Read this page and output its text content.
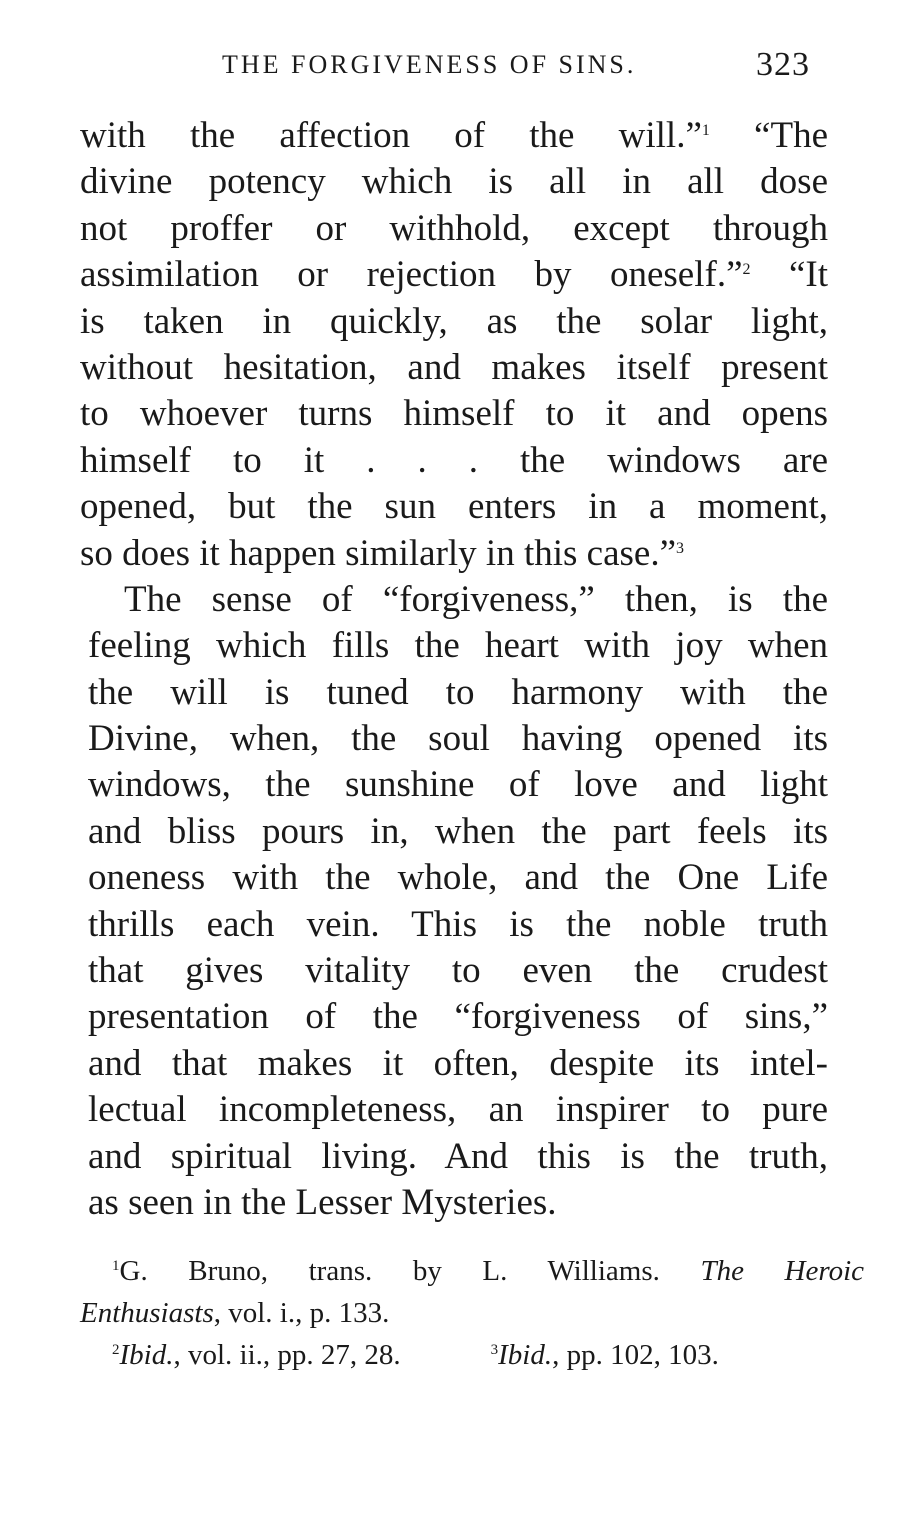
THE FORGIVENESS OF SINS.	323
with the affection of the will.”$^1$ “The
divine potency which is all in all dose
not proffer or withhold, except through
assimilation or rejection by oneself.”$^2$ “It
is taken in quickly, as the solar light,
without hesitation, and makes itself present
to whoever turns himself to it and opens
himself to it . . . the windows are
opened, but the sun enters in a moment,
so does it happen similarly in this case.”$^3$
The sense of “forgiveness,” then, is the
feeling which fills the heart with joy when
the will is tuned to harmony with the
Divine, when, the soul having opened its
windows, the sunshine of love and light
and bliss pours in, when the part feels its
oneness with the whole, and the One Life
thrills each vein. This is the noble truth
that gives vitality to even the crudest
presentation of the “forgiveness of sins,”
and that makes it often, despite its intel-
lectual incompleteness, an inspirer to pure
and spiritual living. And this is the truth,
as seen in the Lesser Mysteries.
$^1$G. Bruno, trans. by L. Williams. The Heroic
Enthusiasts, vol. i., p. 133.
$^2$Ibid., vol. ii., pp. 27, 28.	$^3$Ibid., pp. 102, 103.
